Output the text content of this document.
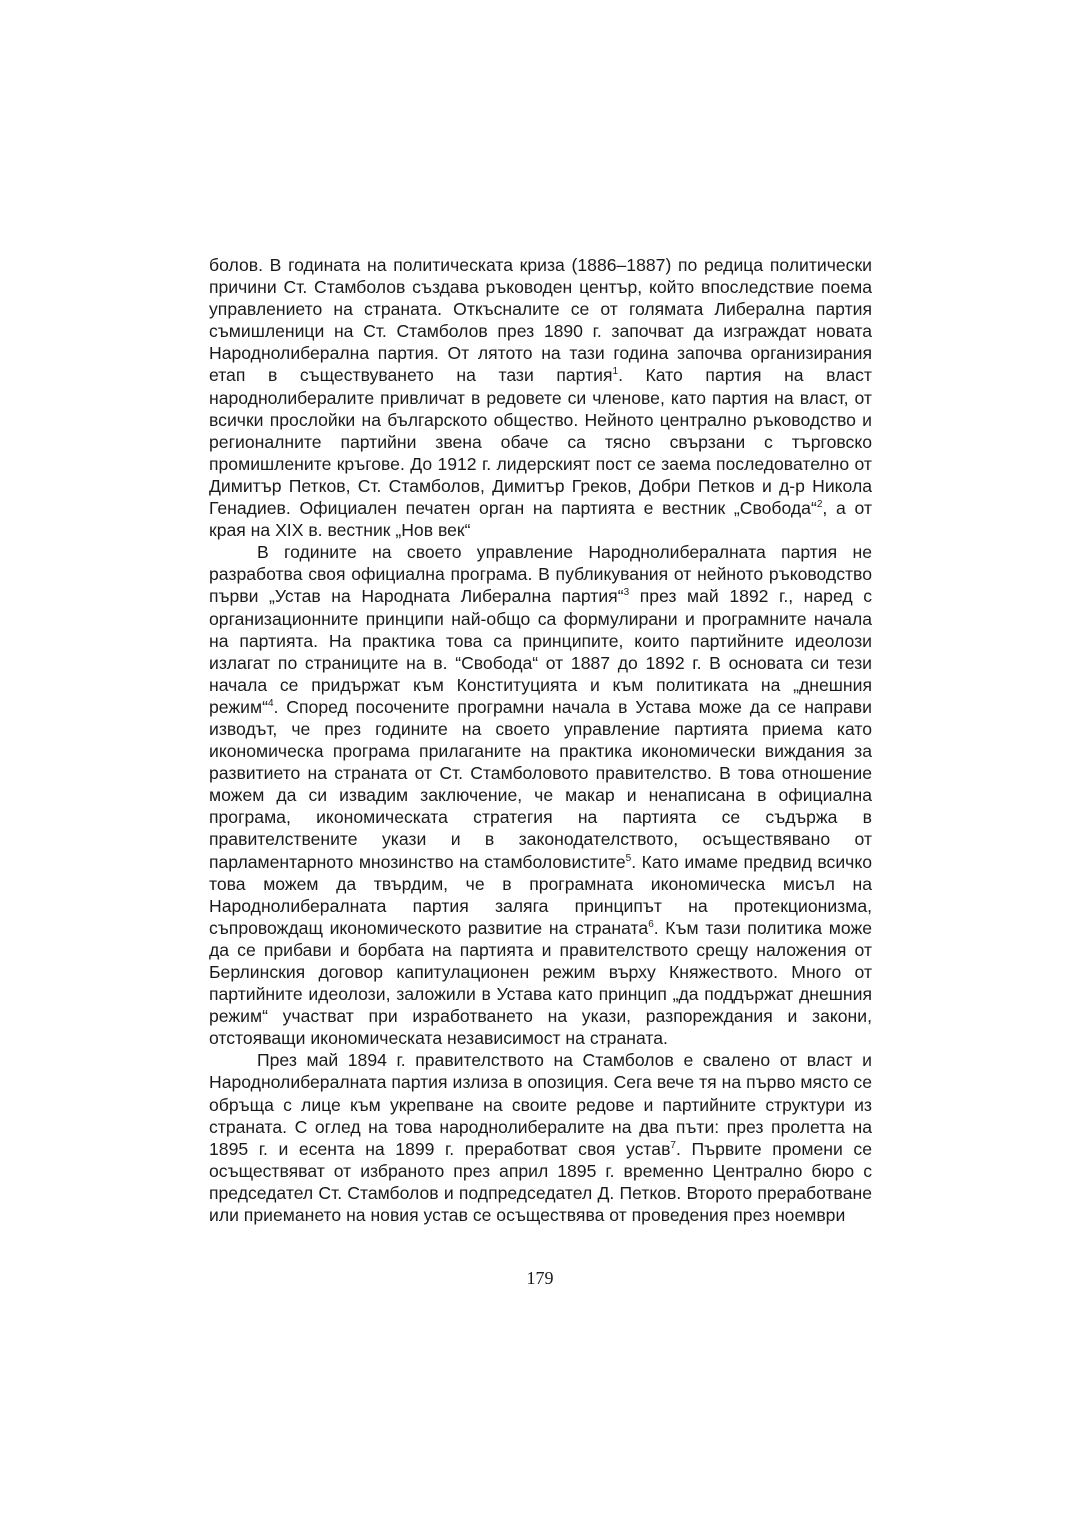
болов. В годината на политическата криза (1886–1887) по редица политически причини Ст. Стамболов създава ръководен център, който впоследствие поема управлението на страната. Откъсналите се от голямата Либерална партия съмишленици на Ст. Стамболов през 1890 г. започват да изграждат новата Народнолиберална партия. От лятото на тази година започва организирания етап в съществуването на тази партия$^1$. Като партия на власт народнолибералите привличат в редовете си членове, като партия на власт, от всички прослойки на българското общество. Нейното централно ръководство и регионалните партийни звена обаче са тясно свързани с търговско промишлените кръгове. До 1912 г. лидерският пост се заема последователно от Димитър Петков, Ст. Стамболов, Димитър Греков, Добри Петков и д-р Никола Генадиев. Официален печатен орган на партията е вестник „Свобода“$^2$, а от края на XIX в. вестник „Нов век“

В годините на своето управление Народнолибералната партия не разработва своя официална програма. В публикувания от нейното ръководство първи „Устав на Народната Либерална партия“$^3$ през май 1892 г., наред с организационните принципи най-общо са формулирани и програмните начала на партията. На практика това са принципите, които партийните идеолози излагат по страниците на в. “Свобода“ от 1887 до 1892 г. В основата си тези начала се придържат към Конституцията и към политиката на „днешния режим“$^4$. Според посочените програмни начала в Устава може да се направи изводът, че през годините на своето управление партията приема като икономическа програма прилаганите на практика икономически виждания за развитието на страната от Ст. Стамболовото правителство. В това отношение можем да си извадим заключение, че макар и ненаписана в официална програма, икономическата стратегия на партията се съдържа в правителствените укази и в законодателството, осъществявано от парламентарното мнозинство на стамболовистите$^5$. Като имаме предвид всичко това можем да твърдим, че в програмната икономическа мисъл на Народнолибералната партия заляга принципът на протекционизма, съпровождащ икономическото развитие на страната$^6$. Към тази политика може да се прибави и борбата на партията и правителството срещу наложения от Берлинския договор капитулационен режим върху Княжеството. Много от партийните идеолози, заложили в Устава като принцип „да поддържат днешния режим“ участват при изработването на укази, разпореждания и закони, отстояващи икономическата независимост на страната.

През май 1894 г. правителството на Стамболов е свалено от власт и Народнолибералната партия излиза в опозиция. Сега вече тя на първо място се обръща с лице към укрепване на своите редове и партийните структури из страната. С оглед на това народнолибералите на два пъти: през пролетта на 1895 г. и есента на 1899 г. преработват своя устав$^7$. Първите промени се осъществяват от избраното през април 1895 г. временно Централно бюро с председател Ст. Стамболов и подпредседател Д. Петков. Второто преработване или приемането на новия устав се осъществява от проведения през ноември

179
